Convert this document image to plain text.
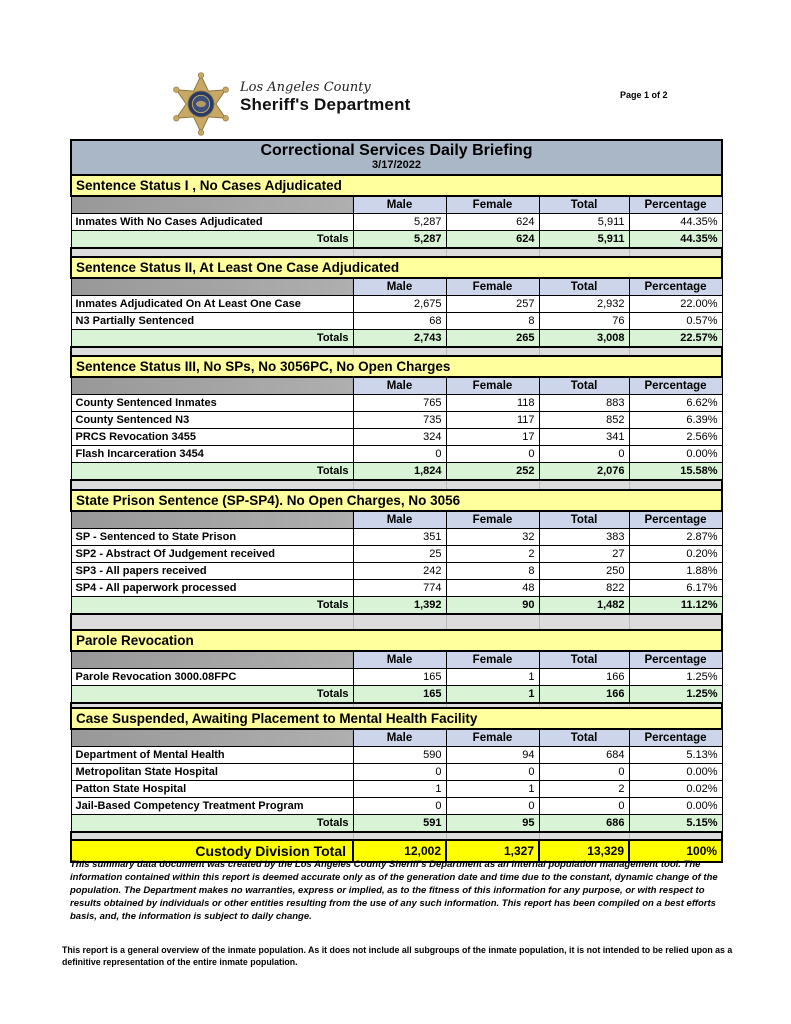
Los Angeles County
Sheriff's Department	Page 1 of 2
Correctional Services Daily Briefing
3/17/2022				

Sentence Status I , No Cases Adjudicated				
	Male	Female	Total	Percentage
Inmates With No Cases Adjudicated	5,287	624	5,911	44.35%
Totals	5,287	624	5,911	44.35%

Sentence Status II, At Least One Case Adjudicated				
	Male	Female	Total	Percentage
Inmates Adjudicated On At Least One Case	2,675	257	2,932	22.00%
N3 Partially Sentenced	68	8	76	0.57%
Totals	2,743	265	3,008	22.57%

Sentence Status III, No SPs, No 3056PC, No Open Charges				
	Male	Female	Total	Percentage
County Sentenced Inmates	765	118	883	6.62%
County Sentenced N3	735	117	852	6.39%
PRCS Revocation 3455	324	17	341	2.56%
Flash Incarceration 3454	0	0	0	0.00%
Totals	1,824	252	2,076	15.58%

State Prison Sentence (SP-SP4). No Open Charges, No 3056				
	Male	Female	Total	Percentage
SP - Sentenced to State Prison	351	32	383	2.87%
SP2 - Abstract Of Judgement received	25	2	27	0.20%
SP3 - All papers received	242	8	250	1.88%
SP4 - All paperwork processed	774	48	822	6.17%
Totals	1,392	90	1,482	11.12%

Parole Revocation				
	Male	Female	Total	Percentage
Parole Revocation 3000.08FPC	165	1	166	1.25%
Totals	165	1	166	1.25%

Case Suspended, Awaiting Placement to Mental Health Facility				
	Male	Female	Total	Percentage
Department of Mental Health	590	94	684	5.13%
Metropolitan State Hospital	0	0	0	0.00%
Patton State Hospital	1	1	2	0.02%
Jail-Based Competency Treatment Program	0	0	0	0.00%
Totals	591	95	686	5.15%

Custody Division Total	12,002	1,327	13,329	100%
This summary data document was created by the Los Angeles County Sheriff's Department as an internal population management tool. The information contained within this report is deemed accurate only as of the generation date and time due to the constant, dynamic change of the population. The Department makes no warranties, express or implied, as to the fitness of this information for any purpose, or with respect to results obtained by individuals or other entities resulting from the use of any such information. This report has been compiled on a best efforts basis, and, the information is subject to daily change.
This report is a general overview of the inmate population. As it does not include all subgroups of the inmate population, it is not intended to be relied upon as a definitive representation of the entire inmate population.
